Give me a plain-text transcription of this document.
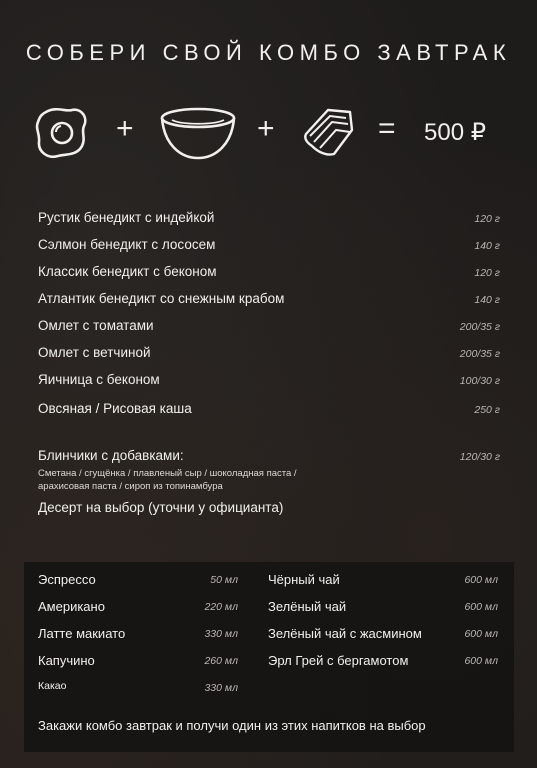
СОБЕРИ СВОЙ КОМБО ЗАВТРАК
+	+	= 500 ₽
Рустик бенедикт с индейкой	120 г
Сэлмон бенедикт с лососем	140 г
Классик бенедикт с беконом	120 г
Атлантик бенедикт со снежным крабом	140 г
Омлет с томатами	200/35 г
Омлет с ветчиной	200/35 г
Яичница с беконом	100/30 г
Овсяная / Рисовая каша	250 г
Блинчики с добавками:	120/30 г
Сметана / сгущёнка / плавленый сыр / шоколадная паста /
арахисовая паста / сироп из топинамбура
Десерт на выбор (уточни у официанта)
Эспрессо	50 мл
Американо	220 мл
Латте макиато	330 мл
Капучино	260 мл
Какао	330 мл
Чёрный чай	600 мл
Зелёный чай	600 мл
Зелёный чай с жасмином	600 мл
Эрл Грей с бергамотом	600 мл
Закажи комбо завтрак и получи один из этих напитков на выбор
